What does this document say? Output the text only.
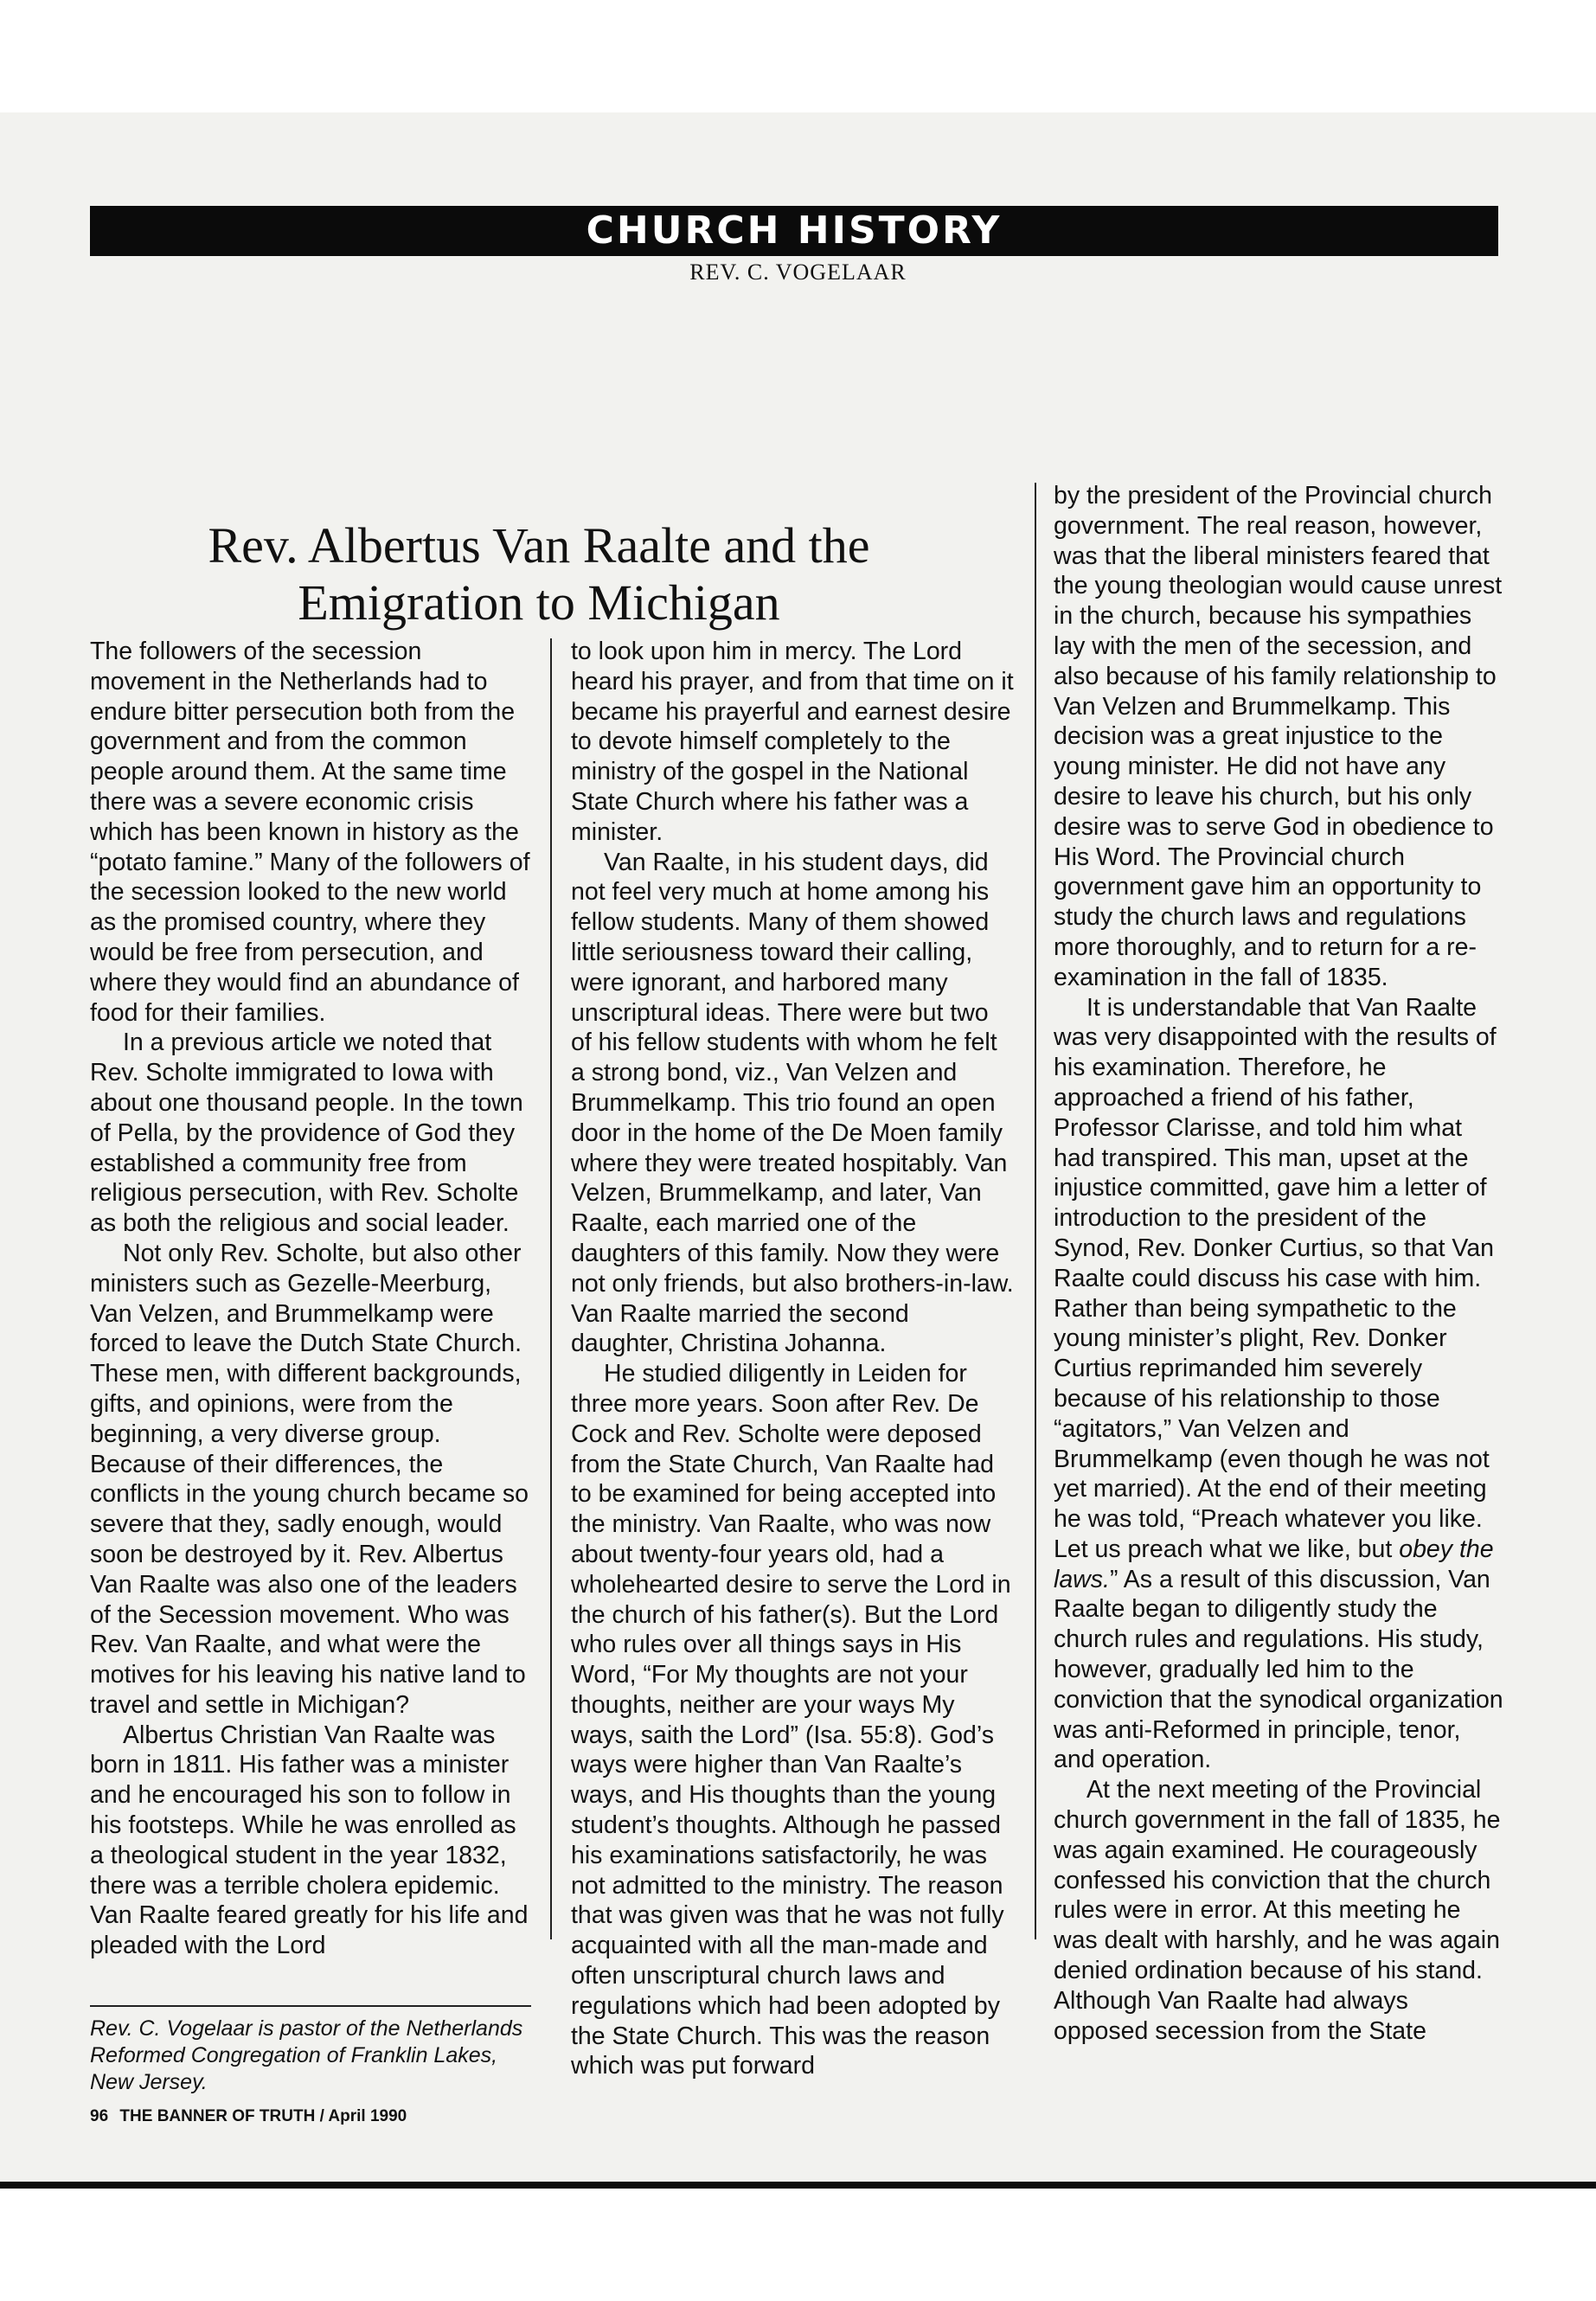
CHURCH HISTORY
REV. C. VOGELAAR
Rev. Albertus Van Raalte and the
Emigration to Michigan

The followers of the secession movement in the Netherlands had to endure bitter persecution both from the government and from the common people around them. At the same time there was a severe economic crisis which has been known in history as the “potato famine.” Many of the followers of the secession looked to the new world as the promised country, where they would be free from persecution, and where they would find an abundance of food for their families.

In a previous article we noted that Rev. Scholte immigrated to Iowa with about one thousand people. In the town of Pella, by the providence of God they established a community free from religious persecution, with Rev. Scholte as both the religious and social leader.

Not only Rev. Scholte, but also other ministers such as Gezelle-Meerburg, Van Velzen, and Brummelkamp were forced to leave the Dutch State Church. These men, with different backgrounds, gifts, and opinions, were from the beginning, a very diverse group. Because of their differences, the conflicts in the young church became so severe that they, sadly enough, would soon be destroyed by it. Rev. Albertus Van Raalte was also one of the leaders of the Secession movement. Who was Rev. Van Raalte, and what were the motives for his leaving his native land to travel and settle in Michigan?

Albertus Christian Van Raalte was born in 1811. His father was a minister and he encouraged his son to follow in his footsteps. While he was enrolled as a theological student in the year 1832, there was a terrible cholera epidemic. Van Raalte feared greatly for his life and pleaded with the Lord

to look upon him in mercy. The Lord heard his prayer, and from that time on it became his prayerful and earnest desire to devote himself completely to the ministry of the gospel in the National State Church where his father was a minister.

Van Raalte, in his student days, did not feel very much at home among his fellow students. Many of them showed little seriousness toward their calling, were ignorant, and harbored many unscriptural ideas. There were but two of his fellow students with whom he felt a strong bond, viz., Van Velzen and Brummelkamp. This trio found an open door in the home of the De Moen family where they were treated hospitably. Van Velzen, Brummelkamp, and later, Van Raalte, each married one of the daughters of this family. Now they were not only friends, but also brothers-in-law. Van Raalte married the second daughter, Christina Johanna.

He studied diligently in Leiden for three more years. Soon after Rev. De Cock and Rev. Scholte were deposed from the State Church, Van Raalte had to be examined for being accepted into the ministry. Van Raalte, who was now about twenty-four years old, had a wholehearted desire to serve the Lord in the church of his father(s). But the Lord who rules over all things says in His Word, “For My thoughts are not your thoughts, neither are your ways My ways, saith the Lord” (Isa. 55:8). God’s ways were higher than Van Raalte’s ways, and His thoughts than the young student’s thoughts. Although he passed his examinations satisfactorily, he was not admitted to the ministry. The reason that was given was that he was not fully acquainted with all the man-made and often unscriptural church laws and regulations which had been adopted by the State Church. This was the reason which was put forward

by the president of the Provincial church government. The real reason, however, was that the liberal ministers feared that the young theologian would cause unrest in the church, because his sympathies lay with the men of the secession, and also because of his family relationship to Van Velzen and Brummelkamp. This decision was a great injustice to the young minister. He did not have any desire to leave his church, but his only desire was to serve God in obedience to His Word. The Provincial church government gave him an opportunity to study the church laws and regulations more thoroughly, and to return for a re-examination in the fall of 1835.

It is understandable that Van Raalte was very disappointed with the results of his examination. Therefore, he approached a friend of his father, Professor Clarisse, and told him what had transpired. This man, upset at the injustice committed, gave him a letter of introduction to the president of the Synod, Rev. Donker Curtius, so that Van Raalte could discuss his case with him. Rather than being sympathetic to the young minister’s plight, Rev. Donker Curtius reprimanded him severely because of his relationship to those “agitators,” Van Velzen and Brummelkamp (even though he was not yet married). At the end of their meeting he was told, “Preach whatever you like. Let us preach what we like, but obey the laws.” As a result of this discussion, Van Raalte began to diligently study the church rules and regulations. His study, however, gradually led him to the conviction that the synodical organization was anti-Reformed in principle, tenor, and operation.

At the next meeting of the Provincial church government in the fall of 1835, he was again examined. He courageously confessed his conviction that the church rules were in error. At this meeting he was dealt with harshly, and he was again denied ordination because of his stand. Although Van Raalte had always opposed secession from the State

Rev. C. Vogelaar is pastor of the Netherlands Reformed Congregation of Franklin Lakes, New Jersey.
96 THE BANNER OF TRUTH / April 1990
